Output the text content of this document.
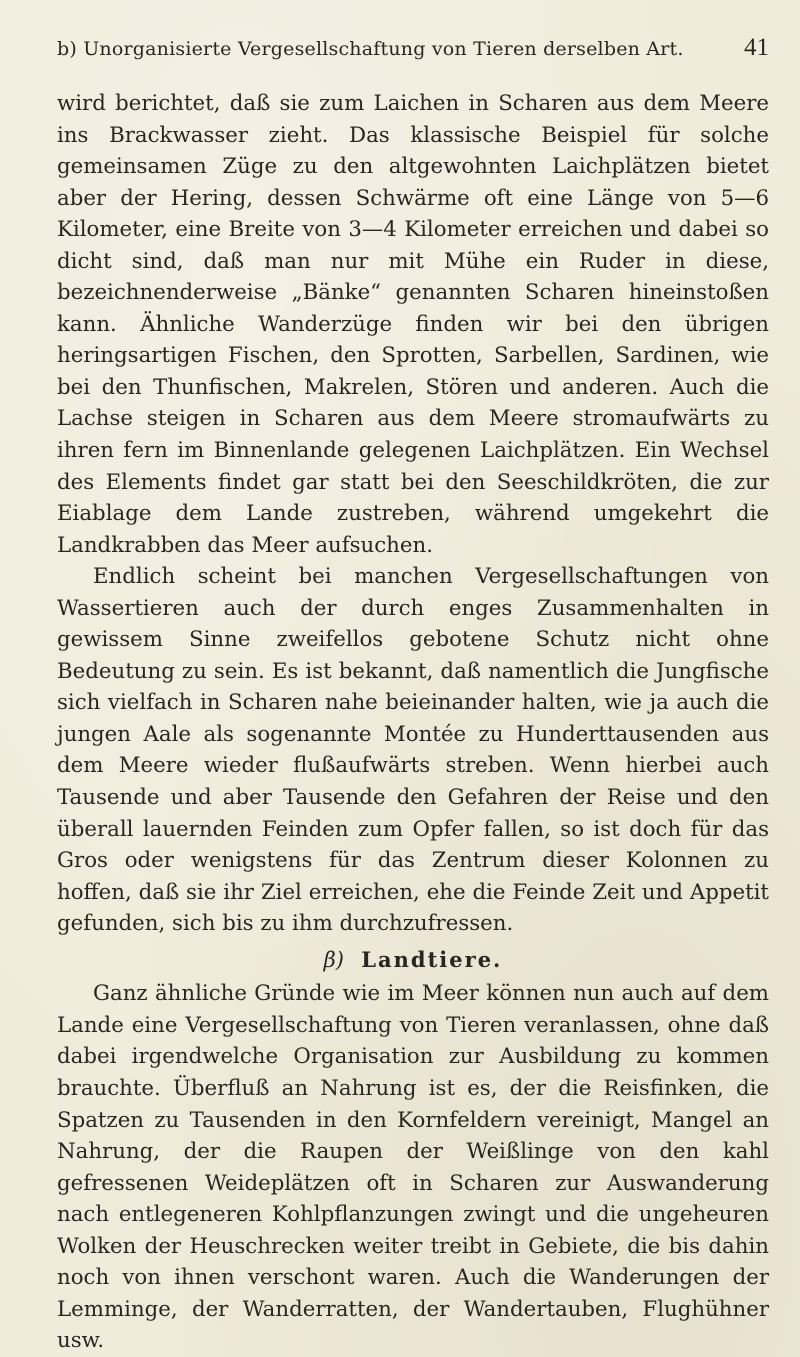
b) Unorganisierte Vergesellschaftung von Tieren derselben Art. 41

wird berichtet, daß sie zum Laichen in Scharen aus dem Meere ins Brackwasser zieht. Das klassische Beispiel für solche gemeinsamen Züge zu den altgewohnten Laichplätzen bietet aber der Hering, dessen Schwärme oft eine Länge von 5—6 Kilometer, eine Breite von 3—4 Kilometer erreichen und dabei so dicht sind, daß man nur mit Mühe ein Ruder in diese, bezeichnenderweise „Bänke“ genannten Scharen hineinstoßen kann. Ähnliche Wanderzüge finden wir bei den übrigen heringsartigen Fischen, den Sprotten, Sarbellen, Sardinen, wie bei den Thunfischen, Makrelen, Stören und anderen. Auch die Lachse steigen in Scharen aus dem Meere stromaufwärts zu ihren fern im Binnenlande gelegenen Laichplätzen. Ein Wechsel des Elements findet gar statt bei den Seeschildkröten, die zur Eiablage dem Lande zustreben, während umgekehrt die Landkrabben das Meer aufsuchen.

Endlich scheint bei manchen Vergesellschaftungen von Wassertieren auch der durch enges Zusammenhalten in gewissem Sinne zweifellos gebotene Schutz nicht ohne Bedeutung zu sein. Es ist bekannt, daß namentlich die Jungfische sich vielfach in Scharen nahe beieinander halten, wie ja auch die jungen Aale als sogenannte Montée zu Hunderttausenden aus dem Meere wieder flußaufwärts streben. Wenn hierbei auch Tausende und aber Tausende den Gefahren der Reise und den überall lauernden Feinden zum Opfer fallen, so ist doch für das Gros oder wenigstens für das Zentrum dieser Kolonnen zu hoffen, daß sie ihr Ziel erreichen, ehe die Feinde Zeit und Appetit gefunden, sich bis zu ihm durchzufressen.

β) Landtiere.

Ganz ähnliche Gründe wie im Meer können nun auch auf dem Lande eine Vergesellschaftung von Tieren veranlassen, ohne daß dabei irgendwelche Organisation zur Ausbildung zu kommen brauchte. Überfluß an Nahrung ist es, der die Reisfinken, die Spatzen zu Tausenden in den Kornfeldern vereinigt, Mangel an Nahrung, der die Raupen der Weißlinge von den kahl gefressenen Weideplätzen oft in Scharen zur Auswanderung nach entlegeneren Kohlpflanzungen zwingt und die ungeheuren Wolken der Heuschrecken weiter treibt in Gebiete, die bis dahin noch von ihnen verschont waren. Auch die Wanderungen der Lemminge, der Wanderratten, der Wandertauben, Flughühner usw.
